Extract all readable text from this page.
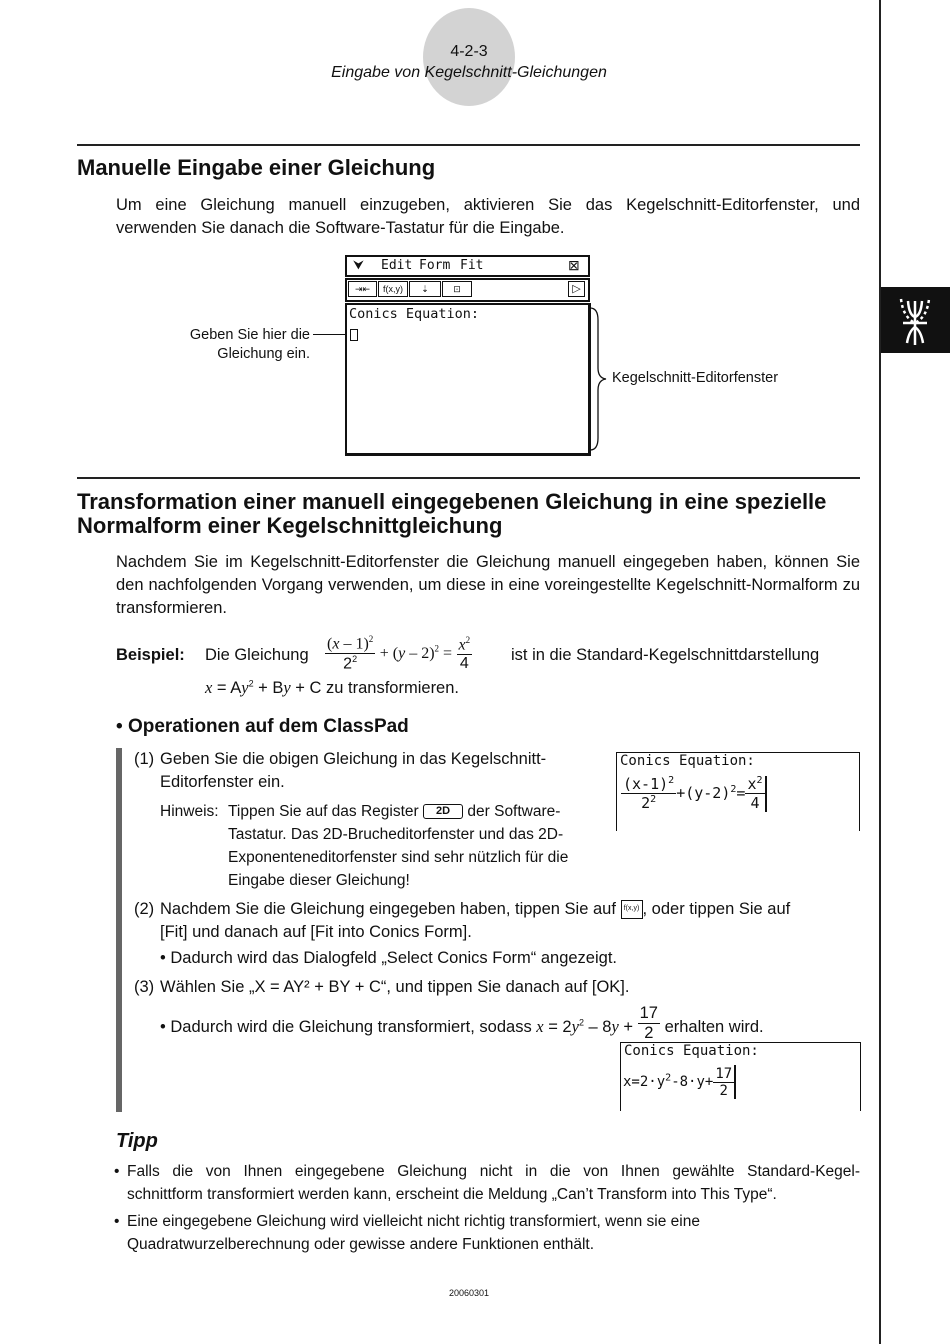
4-2-3
Eingabe von Kegelschnitt-Gleichungen
Manuelle Eingabe einer Gleichung
Um eine Gleichung manuell einzugeben, aktivieren Sie das Kegelschnitt-Editorfenster, und verwenden Sie danach die Software-Tastatur für die Eingabe.
⮟ Edit Form Fit	⊠
⇥⇤	f(x,y)	⇣	⊡	▷
Conics Equation:
Geben Sie hier die
Gleichung ein.
Kegelschnitt-Editorfenster
Transformation einer manuell eingegebenen Gleichung in eine spezielle
Normalform einer Kegelschnittgleichung
Nachdem Sie im Kegelschnitt-Editorfenster die Gleichung manuell eingegeben haben, können Sie den nachfolgenden Vorgang verwenden, um diese in eine voreingestellte Kegelschnitt-Normalform zu transformieren.
Beispiel: Die Gleichung $\frac{(x - 1)^2}{2^2} + (y - 2)^2 = \frac{x^2}{4}$ ist in die Standard-Kegelschnittdarstellung
$x = Ay^2 + By + C$ zu transformieren.
• Operationen auf dem ClassPad
(1) Geben Sie die obigen Gleichung in das Kegelschnitt-
Editorfenster ein.
Hinweis: Tippen Sie auf das Register 2D der Software-
Tastatur. Das 2D-Brucheditorfenster und das 2D-
Exponenteneditorfenster sind sehr nützlich für die
Eingabe dieser Gleichung!
Conics Equation:
$\frac{(x-1)^2}{2^2} +(y-2)^2= \frac{x^2}{4}$
(2) Nachdem Sie die Gleichung eingegeben haben, tippen Sie auf f(x,y) , oder tippen Sie auf
[Fit] und danach auf [Fit into Conics Form].
• Dadurch wird das Dialogfeld „Select Conics Form“ angezeigt.
(3) Wählen Sie „X = AY² + BY + C“, und tippen Sie danach auf [OK].
• Dadurch wird die Gleichung transformiert, sodass $x = 2y^2 - 8y + \frac{17}{2}$ erhalten wird.
Conics Equation:
$x=2\cdot y^2-8\cdot y+ \frac{17}{2}$
Tipp
• Falls die von Ihnen eingegebene Gleichung nicht in die von Ihnen gewählte Standard-Kegel-
schnittform transformiert werden kann, erscheint die Meldung „Can’t Transform into This Type“.
• Eine eingegebene Gleichung wird vielleicht nicht richtig transformiert, wenn sie eine
Quadratwurzelberechnung oder gewisse andere Funktionen enthält.
20060301
